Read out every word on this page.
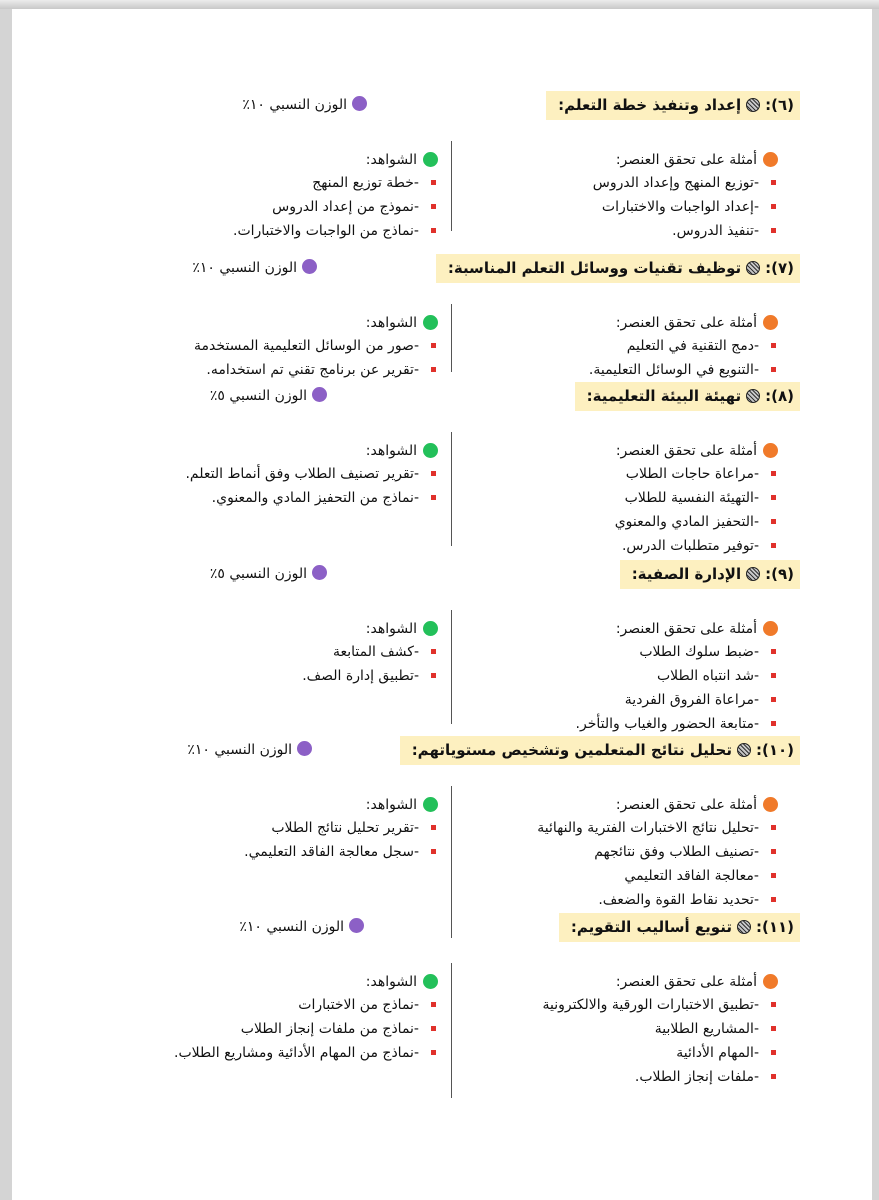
(٦):إعداد وتنفيذ خطة التعلم:
الوزن النسبي ١٠٪
أمثلة على تحقق العنصر:
-توزيع المنهج وإعداد الدروس
-إعداد الواجبات والاختبارات
-تنفيذ الدروس.
الشواهد:
-خطة توزيع المنهج
-نموذج من إعداد الدروس
-نماذج من الواجبات والاختبارات.
(٧):توظيف تقنيات ووسائل التعلم المناسبة:
الوزن النسبي ١٠٪
أمثلة على تحقق العنصر:
-دمج التقنية في التعليم
-التنويع في الوسائل التعليمية.
الشواهد:
-صور من الوسائل التعليمية المستخدمة
-تقرير عن برنامج تقني تم استخدامه.
(٨):تهيئة البيئة التعليمية:
الوزن النسبي ٥٪
أمثلة على تحقق العنصر:
-مراعاة حاجات الطلاب
-التهيئة النفسية للطلاب
-التحفيز المادي والمعنوي
-توفير متطلبات الدرس.
الشواهد:
-تقرير تصنيف الطلاب وفق أنماط التعلم.
-نماذج من التحفيز المادي والمعنوي.
(٩):الإدارة الصفية:
الوزن النسبي ٥٪
أمثلة على تحقق العنصر:
-ضبط سلوك الطلاب
-شد انتباه الطلاب
-مراعاة الفروق الفردية
-متابعة الحضور والغياب والتأخر.
الشواهد:
-كشف المتابعة
-تطبيق إدارة الصف.
(١٠):تحليل نتائج المتعلمين وتشخيص مستوياتهم:
الوزن النسبي ١٠٪
أمثلة على تحقق العنصر:
-تحليل نتائج الاختبارات الفترية والنهائية
-تصنيف الطلاب وفق نتائجهم
-معالجة الفاقد التعليمي
-تحديد نقاط القوة والضعف.
الشواهد:
-تقرير تحليل نتائج الطلاب
-سجل معالجة الفاقد التعليمي.
(١١):تنويع أساليب التقويم:
الوزن النسبي ١٠٪
أمثلة على تحقق العنصر:
-تطبيق الاختبارات الورقية والالكترونية
-المشاريع الطلابية
-المهام الأدائية
-ملفات إنجاز الطلاب.
الشواهد:
-نماذج من الاختبارات
-نماذج من ملفات إنجاز الطلاب
-نماذج من المهام الأدائية ومشاريع الطلاب.
